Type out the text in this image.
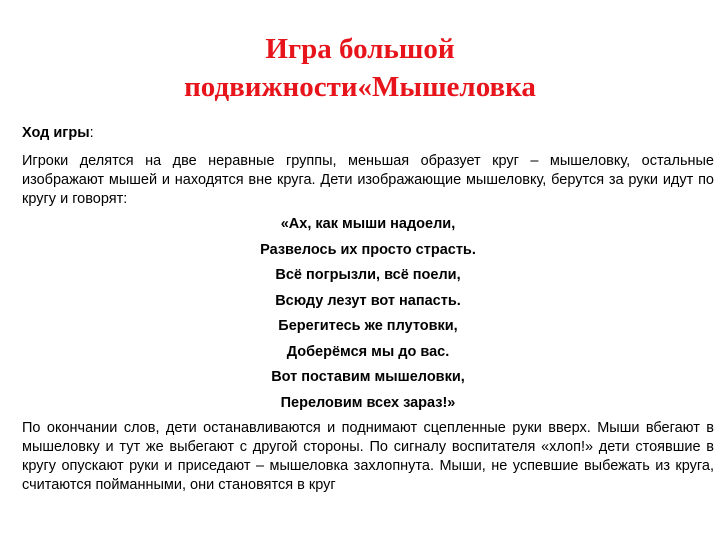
Игра большой
подвижности«Мышеловка
Ход игры:

Игроки делятся на две неравные группы, меньшая образует круг – мышеловку, остальные изображают мышей и находятся вне круга. Дети изображающие мышеловку, берутся за руки идут по кругу и говорят:

«Ах, как мыши надоели,
Развелось их просто страсть.
Всё погрызли, всё поели,
Всюду лезут вот напасть.
Берегитесь же плутовки,
Доберёмся мы до вас.
Вот поставим мышеловки,
Переловим всех зараз!»

По окончании слов, дети останавливаются и поднимают сцепленные руки вверх. Мыши вбегают в мышеловку и тут же выбегают с другой стороны. По сигналу воспитателя «хлоп!» дети стоявшие в кругу опускают руки и приседают – мышеловка захлопнута. Мыши, не успевшие выбежать из круга, считаются пойманными, они становятся в круг
